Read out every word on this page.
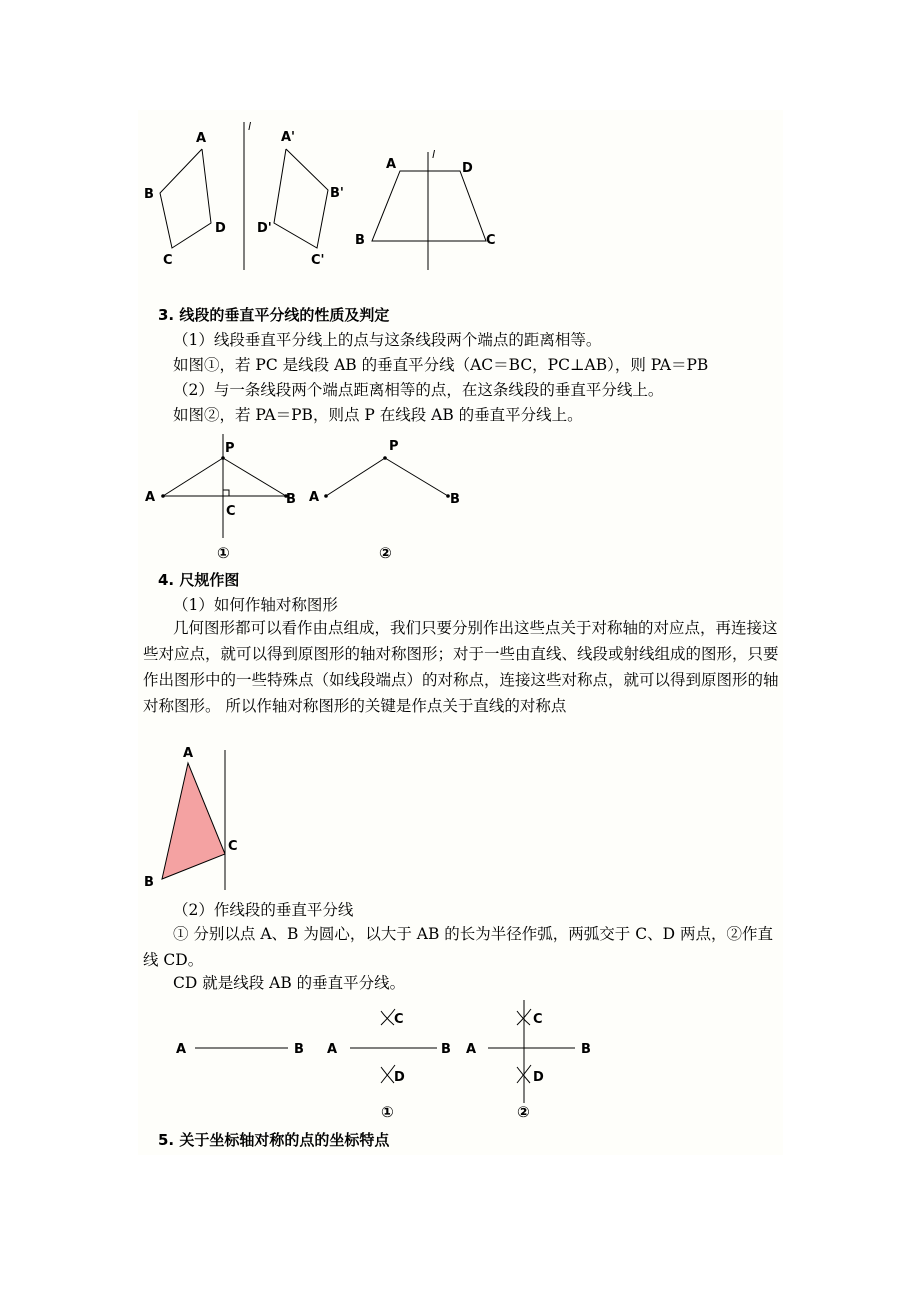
A
B
C
D
l
A'
B'
C'
D'
A
B	C
D
l
3. 线段的垂直平分线的性质及判定
（1）线段垂直平分线上的点与这条线段两个端点的距离相等。
如图①，若 PC 是线段 AB 的垂直平分线（AC＝BC，PC⊥AB），则 PA＝PB
（2）与一条线段两个端点距离相等的点，在这条线段的垂直平分线上。
如图②，若 PA＝PB，则点 P 在线段 AB 的垂直平分线上。
P
A	B
C
①
P
A	B
②
4. 尺规作图
（1）如何作轴对称图形
几何图形都可以看作由点组成，我们只要分别作出这些点关于对称轴的对应点，再连接这些对应点，就可以得到原图形的轴对称图形；对于一些由直线、线段或射线组成的图形，只要作出图形中的一些特殊点（如线段端点）的对称点，连接这些对称点，就可以得到原图形的轴对称图形。 所以作轴对称图形的关键是作点关于直线的对称点
A
B
C
（2）作线段的垂直平分线
① 分别以点 A、B 为圆心，以大于 AB 的长为半径作弧，两弧交于 C、D 两点，②作直线 CD。
CD 就是线段 AB 的垂直平分线。
A	B A	B
C
D
①
A	B
C
D
②
5. 关于坐标轴对称的点的坐标特点
